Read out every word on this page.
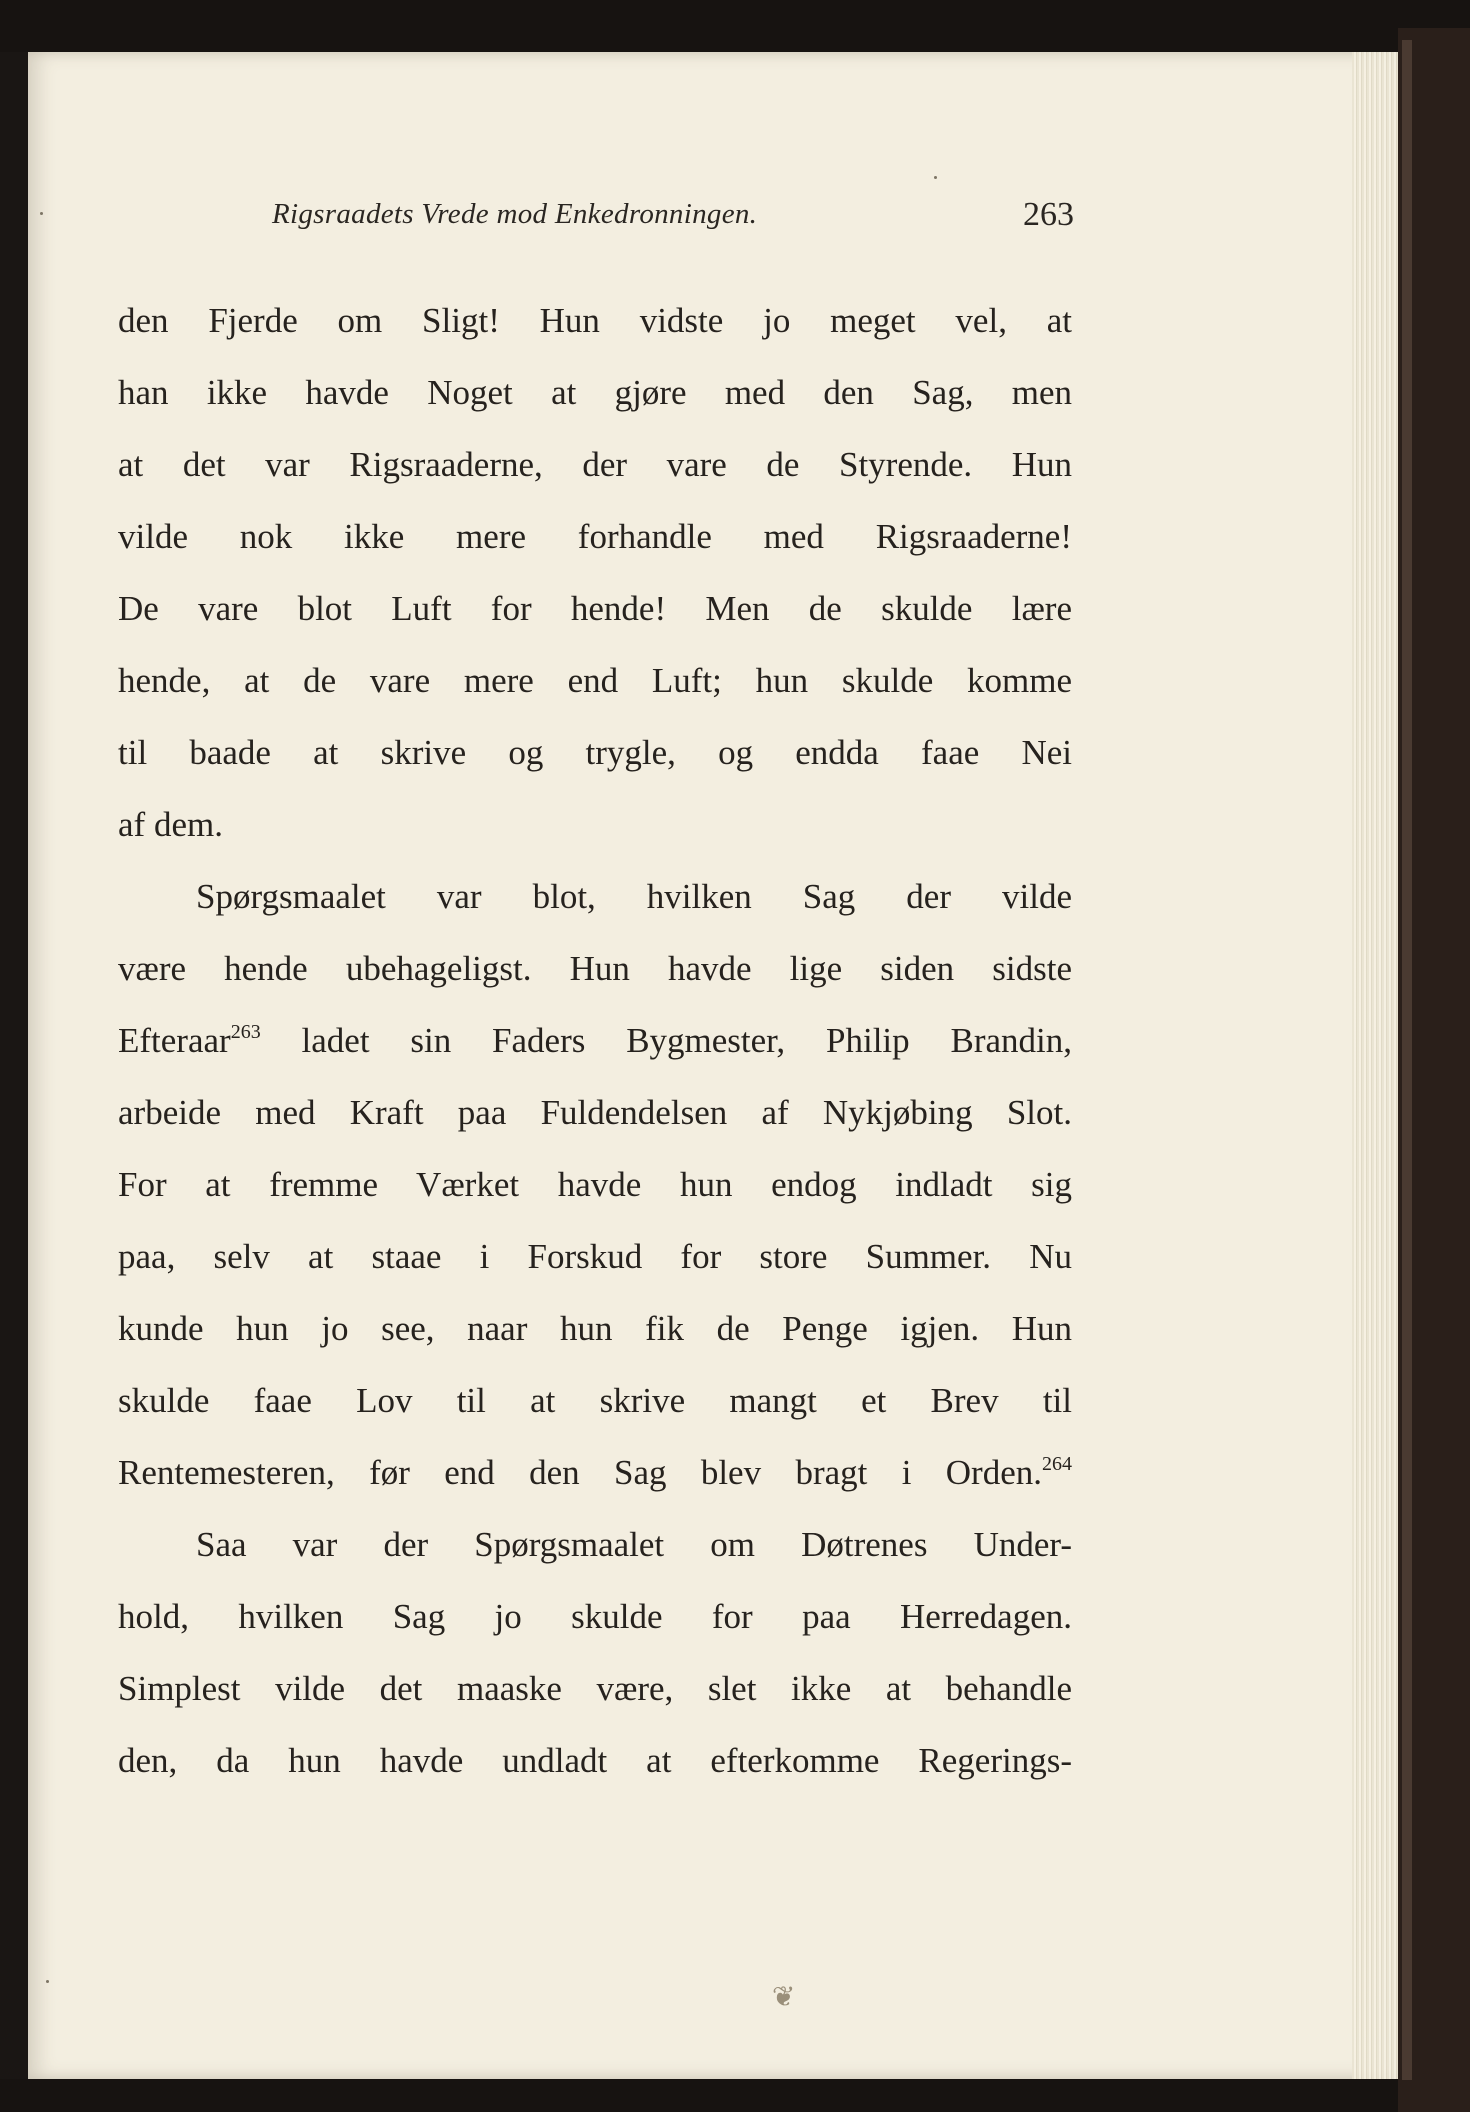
Rigsraadets Vrede mod Enkedronningen.	263
den Fjerde om Sligt! Hun vidste jo meget vel, at
han ikke havde Noget at gjøre med den Sag, men
at det var Rigsraaderne, der vare de Styrende. Hun
vilde nok ikke mere forhandle med Rigsraaderne!
De vare blot Luft for hende! Men de skulde lære
hende, at de vare mere end Luft; hun skulde komme
til baade at skrive og trygle, og endda faae Nei
af dem.
Spørgsmaalet var blot, hvilken Sag der vilde
være hende ubehageligst. Hun havde lige siden sidste
Efteraar$^{263}$ ladet sin Faders Bygmester, Philip Brandin,
arbeide med Kraft paa Fuldendelsen af Nykjøbing Slot.
For at fremme Værket havde hun endog indladt sig
paa, selv at staae i Forskud for store Summer. Nu
kunde hun jo see, naar hun fik de Penge igjen. Hun
skulde faae Lov til at skrive mangt et Brev til
Rentemesteren, før end den Sag blev bragt i Orden.$^{264}$
Saa var der Spørgsmaalet om Døtrenes Under-
hold, hvilken Sag jo skulde for paa Herredagen.
Simplest vilde det maaske være, slet ikke at behandle
den, da hun havde undladt at efterkomme Regerings-
❦
